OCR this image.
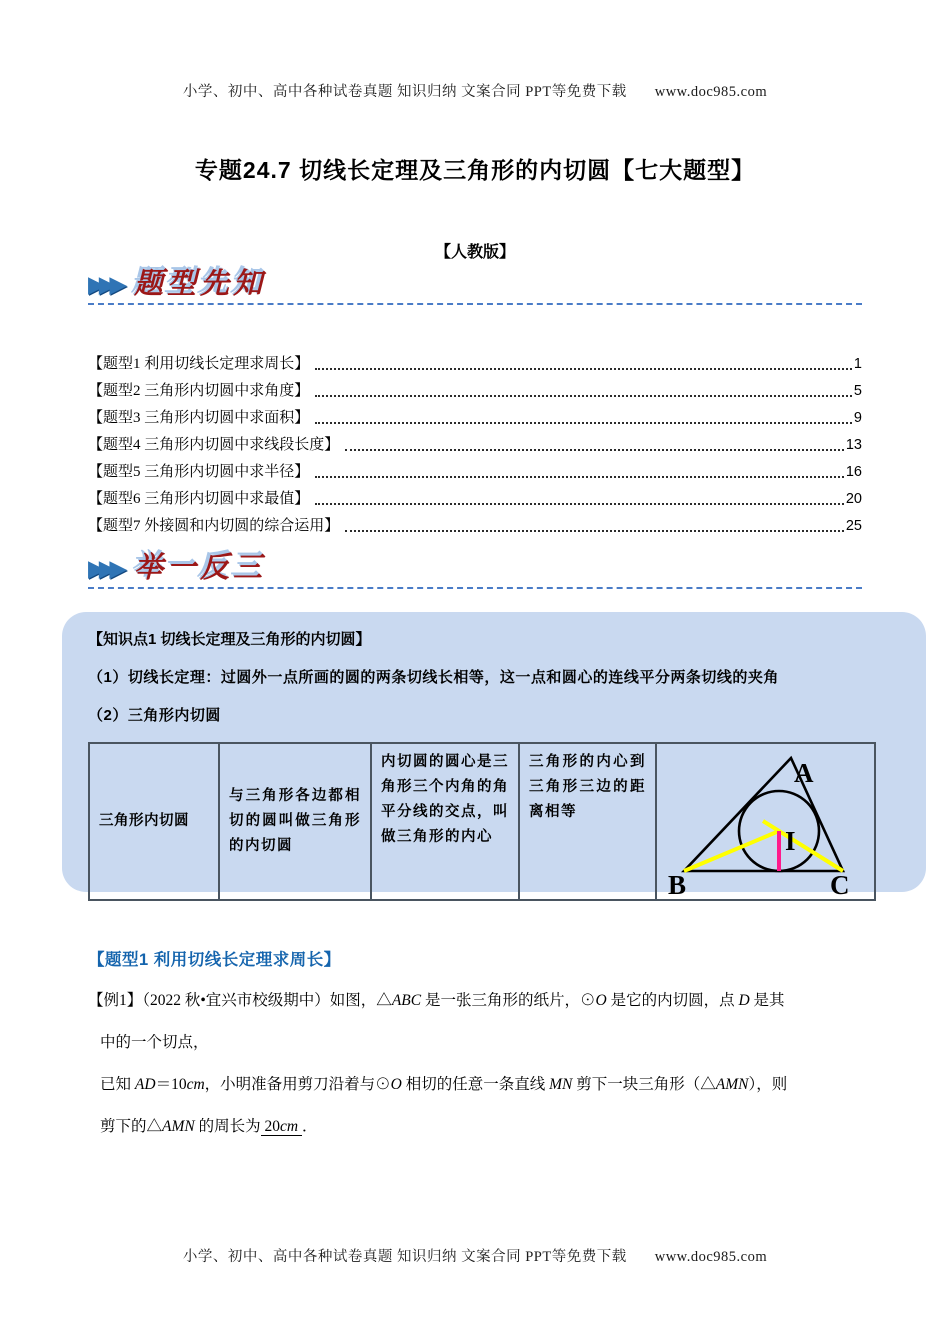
小学、初中、高中各种试卷真题 知识归纳 文案合同 PPT等免费下载 www.doc985.com
专题24.7 切线长定理及三角形的内切圆【七大题型】
【人教版】
▶▶▶ 题型先知
【题型1 利用切线长定理求周长】	1
【题型2 三角形内切圆中求角度】	5
【题型3 三角形内切圆中求面积】	9
【题型4 三角形内切圆中求线段长度】	13
【题型5 三角形内切圆中求半径】	16
【题型6 三角形内切圆中求最值】	20
【题型7 外接圆和内切圆的综合运用】	25
▶▶▶ 举一反三
【知识点1 切线长定理及三角形的内切圆】
（1）切线长定理：过圆外一点所画的圆的两条切线长相等，这一点和圆心的连线平分两条切线的夹角
（2）三角形内切圆
三角形内切圆	与三角形各边都相切的圆叫做三角形的内切圆	内切圆的圆心是三角形三个内角的角平分线的交点，叫做三角形的内心	三角形的内心到三角形三边的距离相等	
A
B	C
I
【题型1 利用切线长定理求周长】
【例1】（2022 秋•宜兴市校级期中）如图，△ABC 是一张三角形的纸片，⊙O 是它的内切圆，点 D 是其
中的一个切点，
已知 AD＝10cm，小明准备用剪刀沿着与⊙O 相切的任意一条直线 MN 剪下一块三角形（△AMN），则
剪下的△AMN 的周长为 20cm ．
小学、初中、高中各种试卷真题 知识归纳 文案合同 PPT等免费下载 www.doc985.com
